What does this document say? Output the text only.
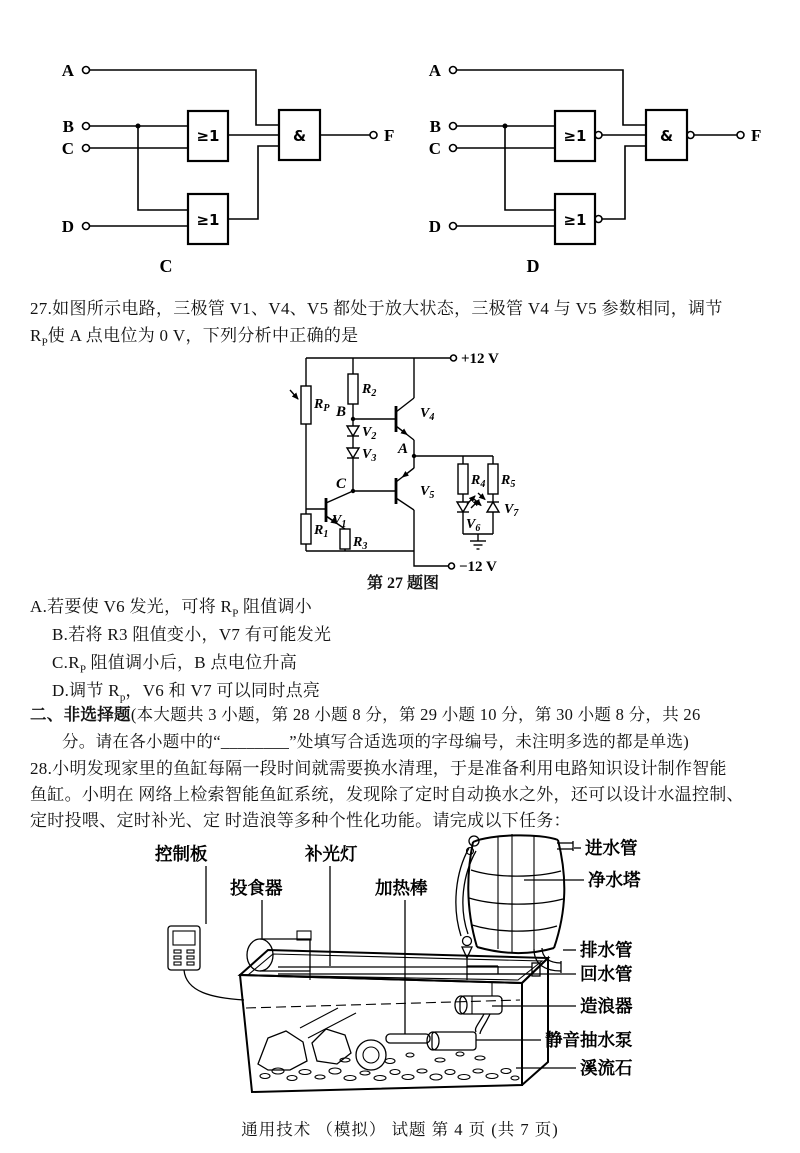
A
B
C
D
F
≥1
≥1
&
C
A
B
C
D
F
≥1
≥1
&
D
27.如图所示电路，三极管 V1、V4、V5 都处于放大状态，三极管 V4 与 V5 参数相同，调节
$R_P$使 A 点电位为 0 V，下列分析中正确的是
+12 V
−12 V
$R_P$
$R_2$
$R_1$
$R_3$
$R_4$ $R_5$
$V_2$
$V_3$
$V_4$
$V_5$
$V_1$	$V_6$
$V_7$
B
C
A
第 27 题图
A.若要使 V6 发光，可将 $R_P$ 阻值调小
B.若将 R3 阻值变小，V7 有可能发光
$C.R_P$ 阻值调小后，B 点电位升高
D.调节 $R_p$，V6 和 V7 可以同时点亮
二、非选择题(本大题共 3 小题，第 28 小题 8 分，第 29 小题 10 分，第 30 小题 8 分，共 26
分。请在各小题中的“________”处填写合适选项的字母编号，未注明多选的都是单选)
28.小明发现家里的鱼缸每隔一段时间就需要换水清理，于是准备利用电路知识设计制作智能
鱼缸。小明在 网络上检索智能鱼缸系统，发现除了定时自动换水之外，还可以设计水温控制、
定时投喂、定时补光、定 时造浪等多种个性化功能。请完成以下任务：
控制板
投食器
补光灯
加热棒
进水管
净水塔
排水管
回水管
造浪器
静音抽水泵
溪流石
通用技术 （模拟） 试题 第 4 页 (共 7 页)
